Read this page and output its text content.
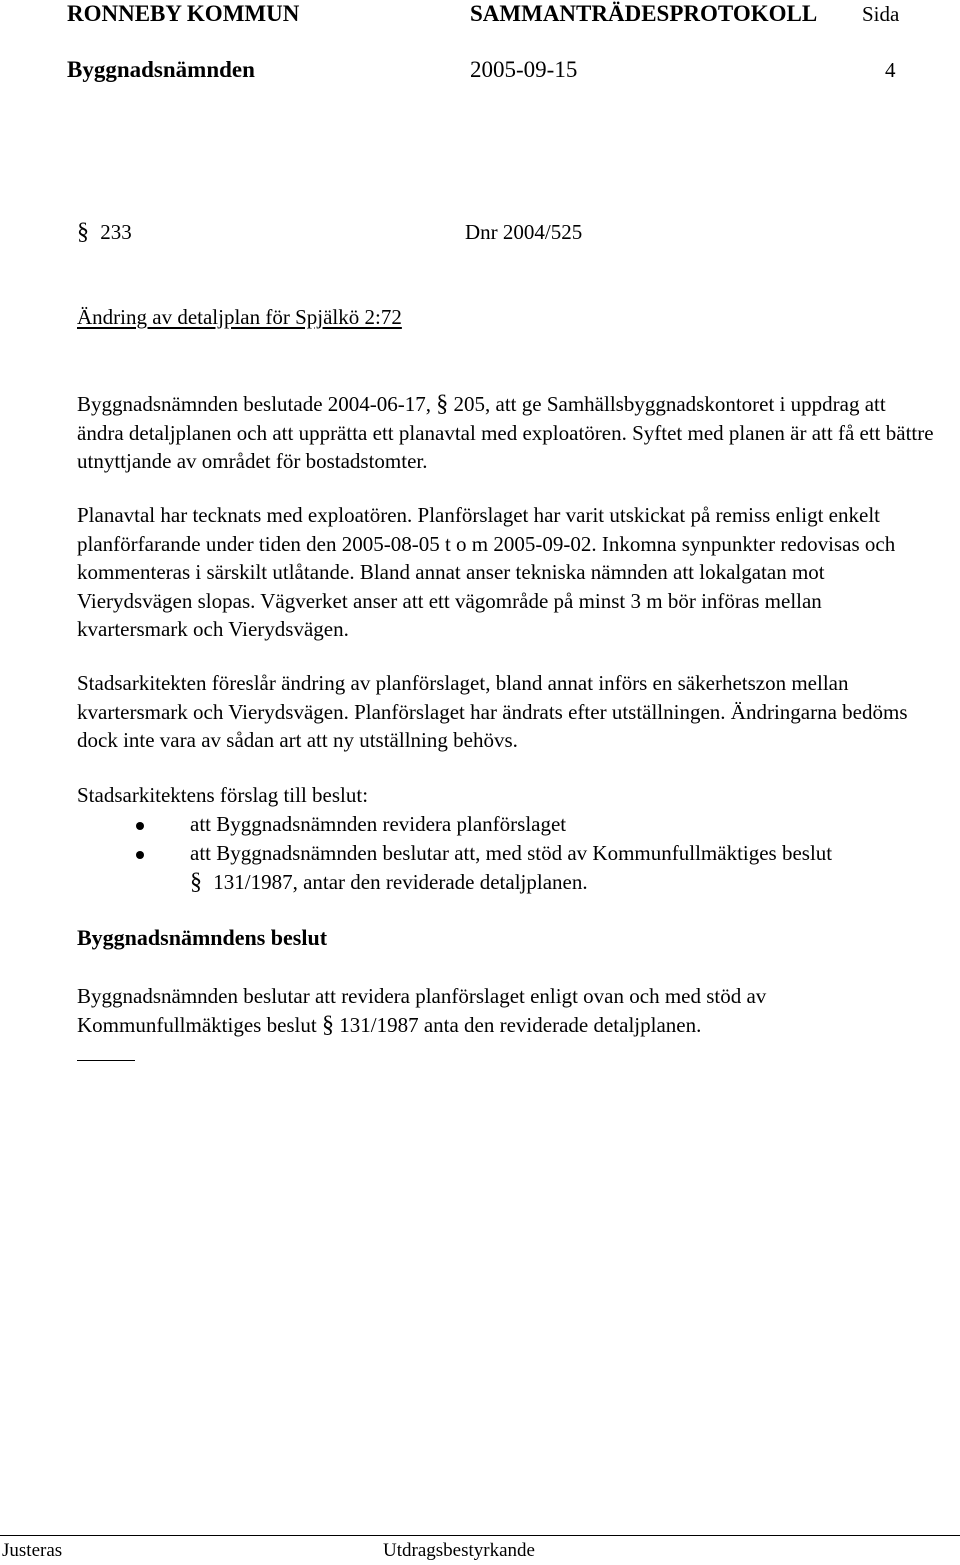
RONNEBY KOMMUN	SAMMANTRÄDESPROTOKOLL Sida
Byggnadsnämnden	2005-09-15	4
§ 233	Dnr 2004/525
Ändring av detaljplan för Spjälkö 2:72
Byggnadsnämnden beslutade 2004-06-17, § 205, att ge Samhällsbyggnadskontoret i uppdrag att ändra detaljplanen och att upprätta ett planavtal med exploatören. Syftet med planen är att få ett bättre utnyttjande av området för bostadstomter.
Planavtal har tecknats med exploatören. Planförslaget har varit utskickat på remiss enligt enkelt planförfarande under tiden den 2005-08-05 t o m 2005-09-02. Inkomna synpunkter redovisas och kommenteras i särskilt utlåtande. Bland annat anser tekniska nämnden att lokalgatan mot Vierydsvägen slopas. Vägverket anser att ett vägområde på minst 3 m bör införas mellan kvartersmark och Vierydsvägen.
Stadsarkitekten föreslår ändring av planförslaget, bland annat införs en säkerhetszon mellan kvartersmark och Vierydsvägen. Planförslaget har ändrats efter utställningen. Ändringarna bedöms dock inte vara av sådan art att ny utställning behövs.
Stadsarkitektens förslag till beslut:
att Byggnadsnämnden revidera planförslaget
att Byggnadsnämnden beslutar att, med stöd av Kommunfullmäktiges beslut
§ 131/1987, antar den reviderade detaljplanen.
Byggnadsnämndens beslut
Byggnadsnämnden beslutar att revidera planförslaget enligt ovan och med stöd av Kommunfullmäktiges beslut § 131/1987 anta den reviderade detaljplanen.
Justeras	Utdragsbestyrkande
